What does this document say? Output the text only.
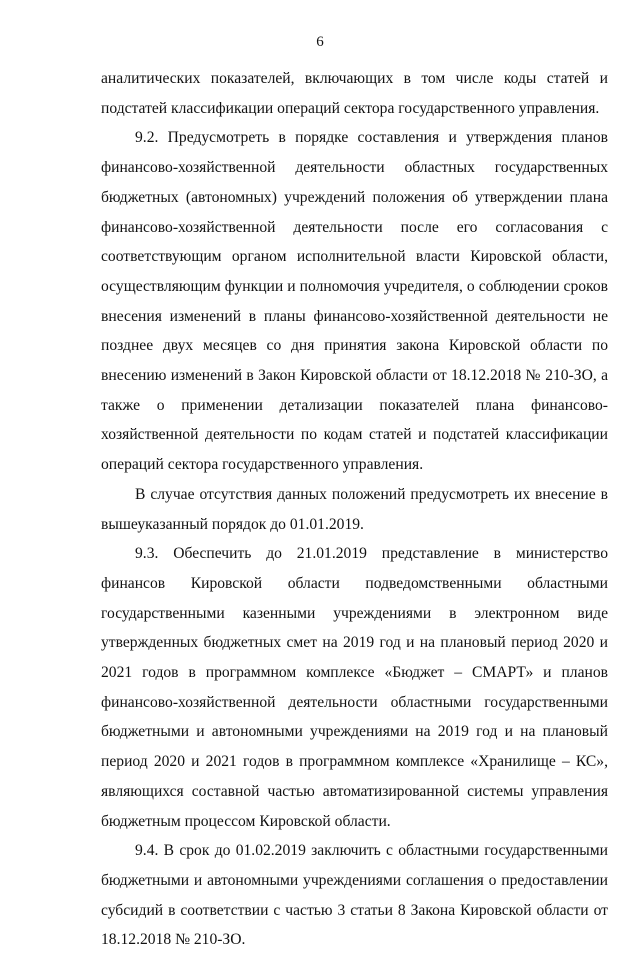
6

аналитических показателей, включающих в том числе коды статей и подстатей классификации операций сектора государственного управления.

9.2. Предусмотреть в порядке составления и утверждения планов финансово-хозяйственной деятельности областных государственных бюджетных (автономных) учреждений положения об утверждении плана финансово-хозяйственной деятельности после его согласования с соответствующим органом исполнительной власти Кировской области, осуществляющим функции и полномочия учредителя, о соблюдении сроков внесения изменений в планы финансово-хозяйственной деятельности не позднее двух месяцев со дня принятия закона Кировской области по внесению изменений в Закон Кировской области от 18.12.2018 № 210-ЗО, а также о применении детализации показателей плана финансово-хозяйственной деятельности по кодам статей и подстатей классификации операций сектора государственного управления.

В случае отсутствия данных положений предусмотреть их внесение в вышеуказанный порядок до 01.01.2019.

9.3. Обеспечить до 21.01.2019 представление в министерство финансов Кировской области подведомственными областными государственными казенными учреждениями в электронном виде утвержденных бюджетных смет на 2019 год и на плановый период 2020 и 2021 годов в программном комплексе «Бюджет – СМАРТ» и планов финансово-хозяйственной деятельности областными государственными бюджетными и автономными учреждениями на 2019 год и на плановый период 2020 и 2021 годов в программном комплексе «Хранилище – КС», являющихся составной частью автоматизированной системы управления бюджетным процессом Кировской области.

9.4. В срок до 01.02.2019 заключить с областными государственными бюджетными и автономными учреждениями соглашения о предоставлении субсидий в соответствии с частью 3 статьи 8 Закона Кировской области от 18.12.2018 № 210-ЗО.
